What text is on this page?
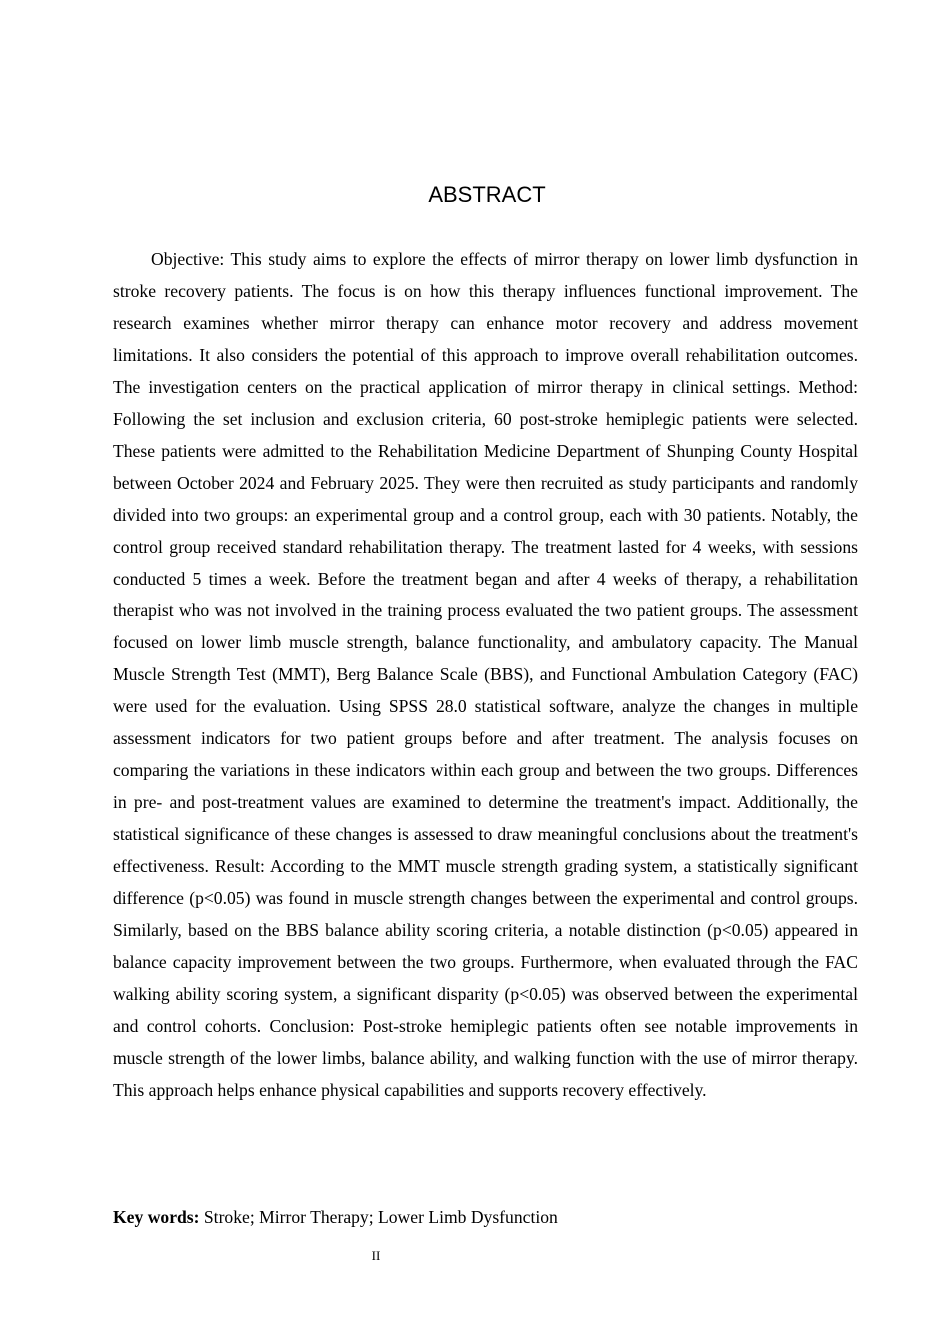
ABSTRACT

Objective: This study aims to explore the effects of mirror therapy on lower limb dysfunction in stroke recovery patients. The focus is on how this therapy influences functional improvement. The research examines whether mirror therapy can enhance motor recovery and address movement limitations. It also considers the potential of this approach to improve overall rehabilitation outcomes. The investigation centers on the practical application of mirror therapy in clinical settings. Method: Following the set inclusion and exclusion criteria, 60 post-stroke hemiplegic patients were selected. These patients were admitted to the Rehabilitation Medicine Department of Shunping County Hospital between October 2024 and February 2025. They were then recruited as study participants and randomly divided into two groups: an experimental group and a control group, each with 30 patients. Notably, the control group received standard rehabilitation therapy. The treatment lasted for 4 weeks, with sessions conducted 5 times a week. Before the treatment began and after 4 weeks of therapy, a rehabilitation therapist who was not involved in the training process evaluated the two patient groups. The assessment focused on lower limb muscle strength, balance functionality, and ambulatory capacity. The Manual Muscle Strength Test (MMT), Berg Balance Scale (BBS), and Functional Ambulation Category (FAC) were used for the evaluation. Using SPSS 28.0 statistical software, analyze the changes in multiple assessment indicators for two patient groups before and after treatment. The analysis focuses on comparing the variations in these indicators within each group and between the two groups. Differences in pre- and post-treatment values are examined to determine the treatment's impact. Additionally, the statistical significance of these changes is assessed to draw meaningful conclusions about the treatment's effectiveness. Result: According to the MMT muscle strength grading system, a statistically significant difference (p<0.05) was found in muscle strength changes between the experimental and control groups. Similarly, based on the BBS balance ability scoring criteria, a notable distinction (p<0.05) appeared in balance capacity improvement between the two groups. Furthermore, when evaluated through the FAC walking ability scoring system, a significant disparity (p<0.05) was observed between the experimental and control cohorts. Conclusion: Post-stroke hemiplegic patients often see notable improvements in muscle strength of the lower limbs, balance ability, and walking function with the use of mirror therapy. This approach helps enhance physical capabilities and supports recovery effectively.

Key words: Stroke; Mirror Therapy; Lower Limb Dysfunction

II
